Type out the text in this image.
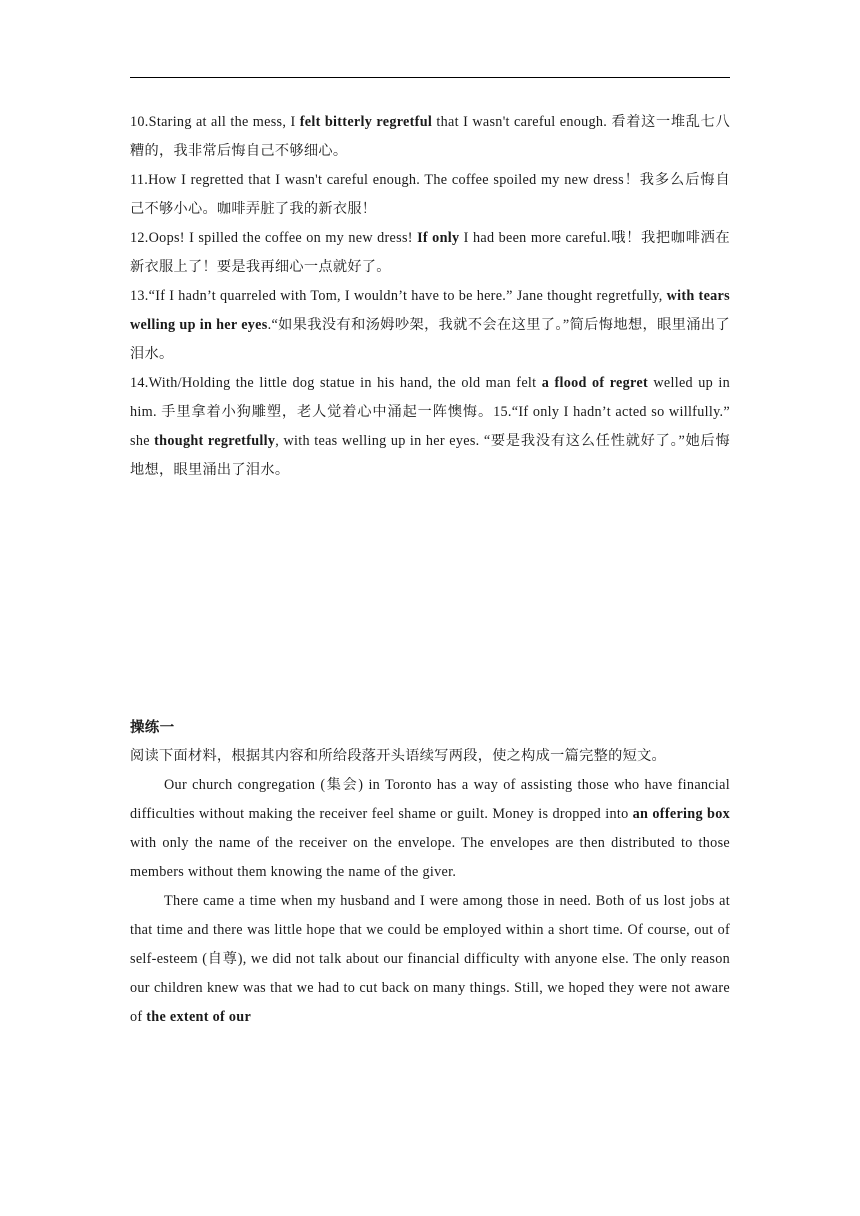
10.Staring at all the mess, I felt bitterly regretful that I wasn't careful enough. 看着这一堆乱七八糟的，我非常后悔自己不够细心。

11.How I regretted that I wasn't careful enough. The coffee spoiled my new dress！我多么后悔自己不够小心。咖啡弄脏了我的新衣服！

12.Oops! I spilled the coffee on my new dress! If only I had been more careful.哦！我把咖啡洒在新衣服上了！要是我再细心一点就好了。

13.“If I hadn’t quarreled with Tom, I wouldn’t have to be here.” Jane thought regretfully, with tears welling up in her eyes.“如果我没有和汤姆吵架，我就不会在这里了。”简后悔地想，眼里涌出了泪水。

14.With/Holding the little dog statue in his hand, the old man felt a flood of regret welled up in him. 手里拿着小狗雕塑，老人觉着心中涌起一阵懊悔。15.“If only I hadn’t acted so willfully.” she thought regretfully, with teas welling up in her eyes. “要是我没有这么任性就好了。”她后悔地想，眼里涌出了泪水。

操练一

阅读下面材料，根据其内容和所给段落开头语续写两段，使之构成一篇完整的短文。

Our church congregation (集会) in Toronto has a way of assisting those who have financial difficulties without making the receiver feel shame or guilt. Money is dropped into an offering box with only the name of the receiver on the envelope. The envelopes are then distributed to those members without them knowing the name of the giver.

There came a time when my husband and I were among those in need. Both of us lost jobs at that time and there was little hope that we could be employed within a short time. Of course, out of self-esteem (自尊), we did not talk about our financial difficulty with anyone else. The only reason our children knew was that we had to cut back on many things. Still, we hoped they were not aware of the extent of our
